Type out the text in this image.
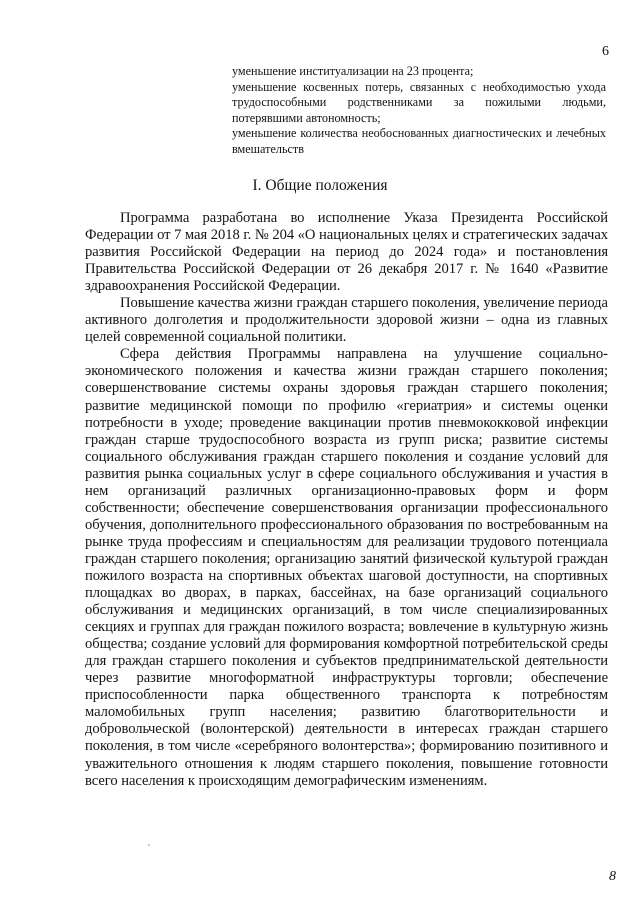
6

уменьшение институализации на 23 процента;

уменьшение косвенных потерь, связанных с необходимостью ухода трудоспособными родственниками за пожилыми людьми, потерявшими автономность;

уменьшение количества необоснованных диагностических и лечебных вмешательств

I. Общие положения

Программа разработана во исполнение Указа Президента Российской Федерации от 7 мая 2018 г. № 204 «О национальных целях и стратегических задачах развития Российской Федерации на период до 2024 года» и постановления Правительства Российской Федерации от 26 декабря 2017 г. № 1640 «Развитие здравоохранения Российской Федерации.

Повышение качества жизни граждан старшего поколения, увеличение периода активного долголетия и продолжительности здоровой жизни – одна из главных целей современной социальной политики.

Сфера действия Программы направлена на улучшение социально-экономического положения и качества жизни граждан старшего поколения; совершенствование системы охраны здоровья граждан старшего поколения; развитие медицинской помощи по профилю «гериатрия» и системы оценки потребности в уходе; проведение вакцинации против пневмококковой инфекции граждан старше трудоспособного возраста из групп риска; развитие системы социального обслуживания граждан старшего поколения и создание условий для развития рынка социальных услуг в сфере социального обслуживания и участия в нем организаций различных организационно-правовых форм и форм собственности; обеспечение совершенствования организации профессионального обучения, дополнительного профессионального образования по востребованным на рынке труда профессиям и специальностям для реализации трудового потенциала граждан старшего поколения; организацию занятий физической культурой граждан пожилого возраста на спортивных объектах шаговой доступности, на спортивных площадках во дворах, в парках, бассейнах, на базе организаций социального обслуживания и медицинских организаций, в том числе специализированных секциях и группах для граждан пожилого возраста; вовлечение в культурную жизнь общества; создание условий для формирования комфортной потребительской среды для граждан старшего поколения и субъектов предпринимательской деятельности через развитие многоформатной инфраструктуры торговли; обеспечение приспособленности парка общественного транспорта к потребностям маломобильных групп населения; развитию благотворительности и добровольческой (волонтерской) деятельности в интересах граждан старшего поколения, в том числе «серебряного волонтерства»; формированию позитивного и уважительного отношения к людям старшего поколения, повышение готовности всего населения к происходящим демографическим изменениям.

8
